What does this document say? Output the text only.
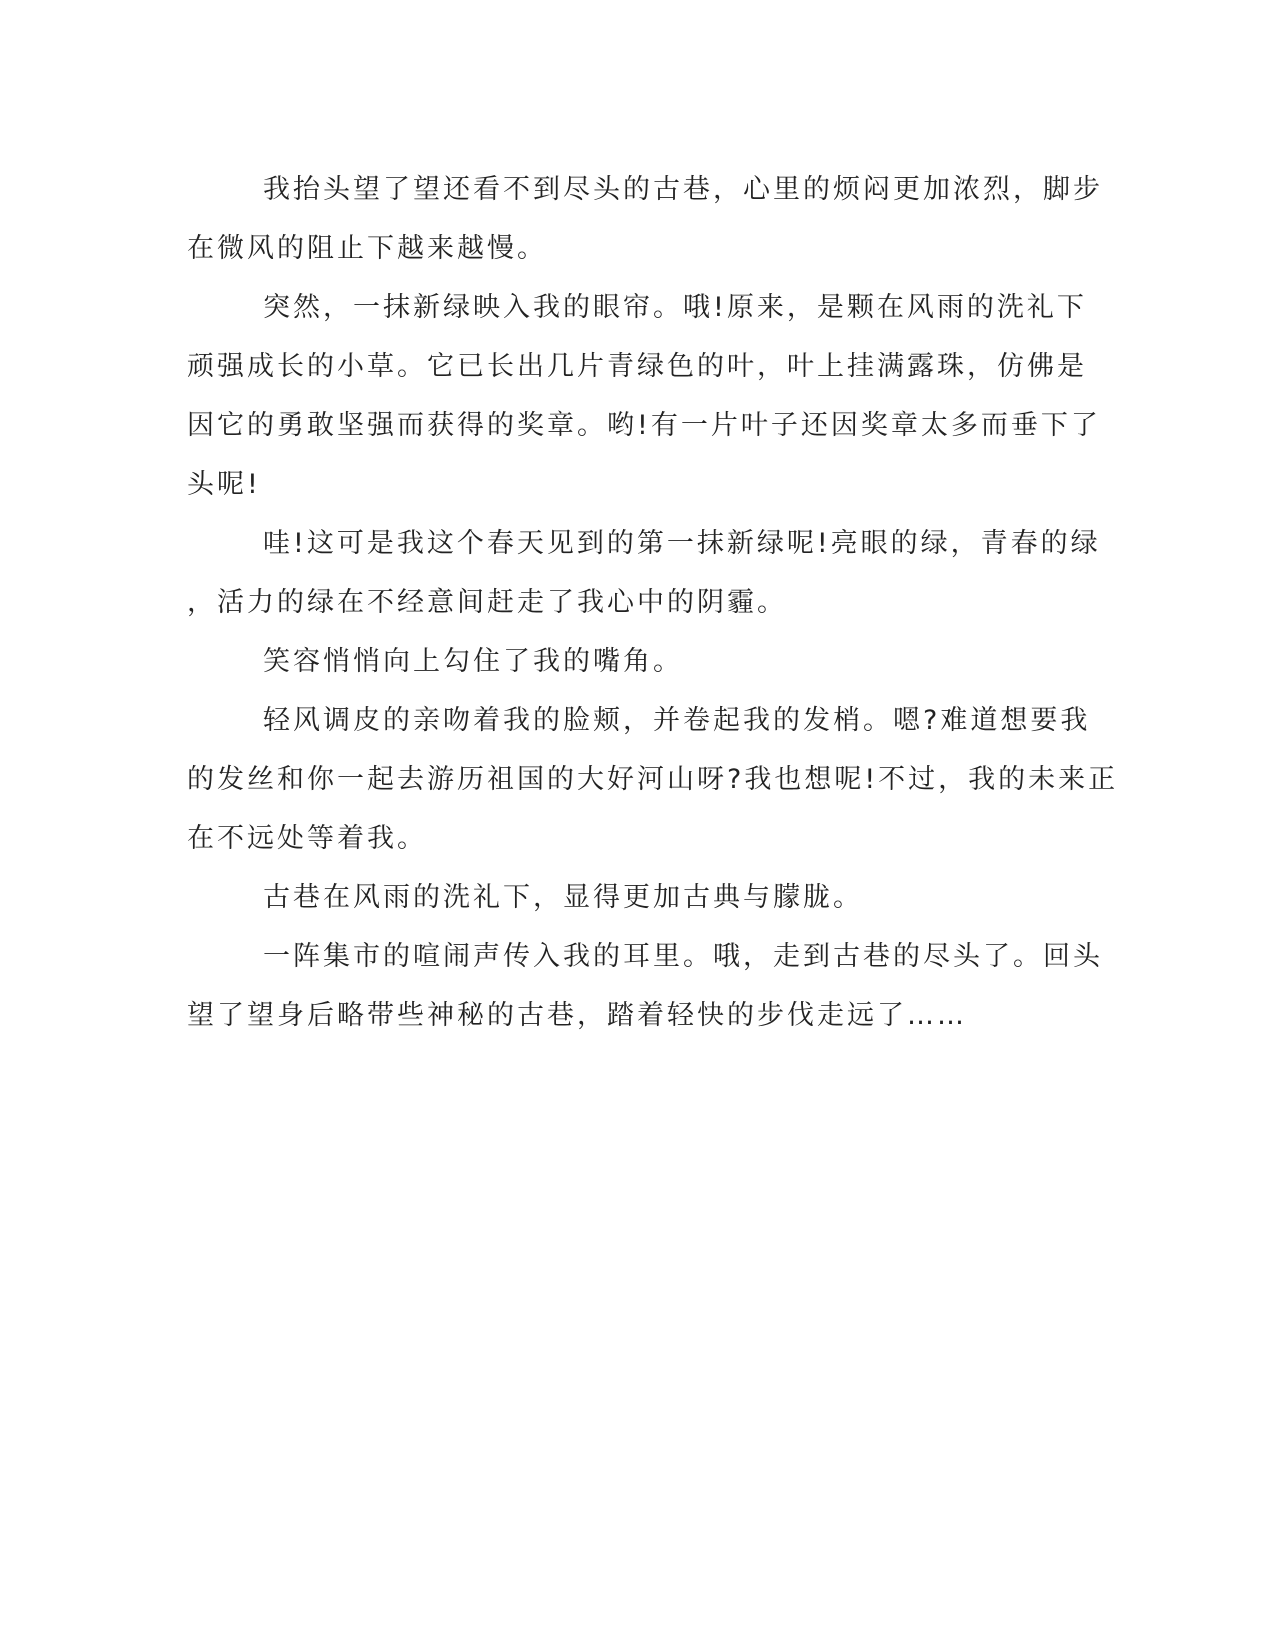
我抬头望了望还看不到尽头的古巷，心里的烦闷更加浓烈，脚步
在微风的阻止下越来越慢。
突然，一抹新绿映入我的眼帘。哦!原来，是颗在风雨的洗礼下
顽强成长的小草。它已长出几片青绿色的叶，叶上挂满露珠，仿佛是
因它的勇敢坚强而获得的奖章。哟!有一片叶子还因奖章太多而垂下了
头呢!
哇!这可是我这个春天见到的第一抹新绿呢!亮眼的绿，青春的绿
，活力的绿在不经意间赶走了我心中的阴霾。
笑容悄悄向上勾住了我的嘴角。
轻风调皮的亲吻着我的脸颊，并卷起我的发梢。嗯?难道想要我
的发丝和你一起去游历祖国的大好河山呀?我也想呢!不过，我的未来正
在不远处等着我。
古巷在风雨的洗礼下，显得更加古典与朦胧。
一阵集市的喧闹声传入我的耳里。哦，走到古巷的尽头了。回头
望了望身后略带些神秘的古巷，踏着轻快的步伐走远了……
